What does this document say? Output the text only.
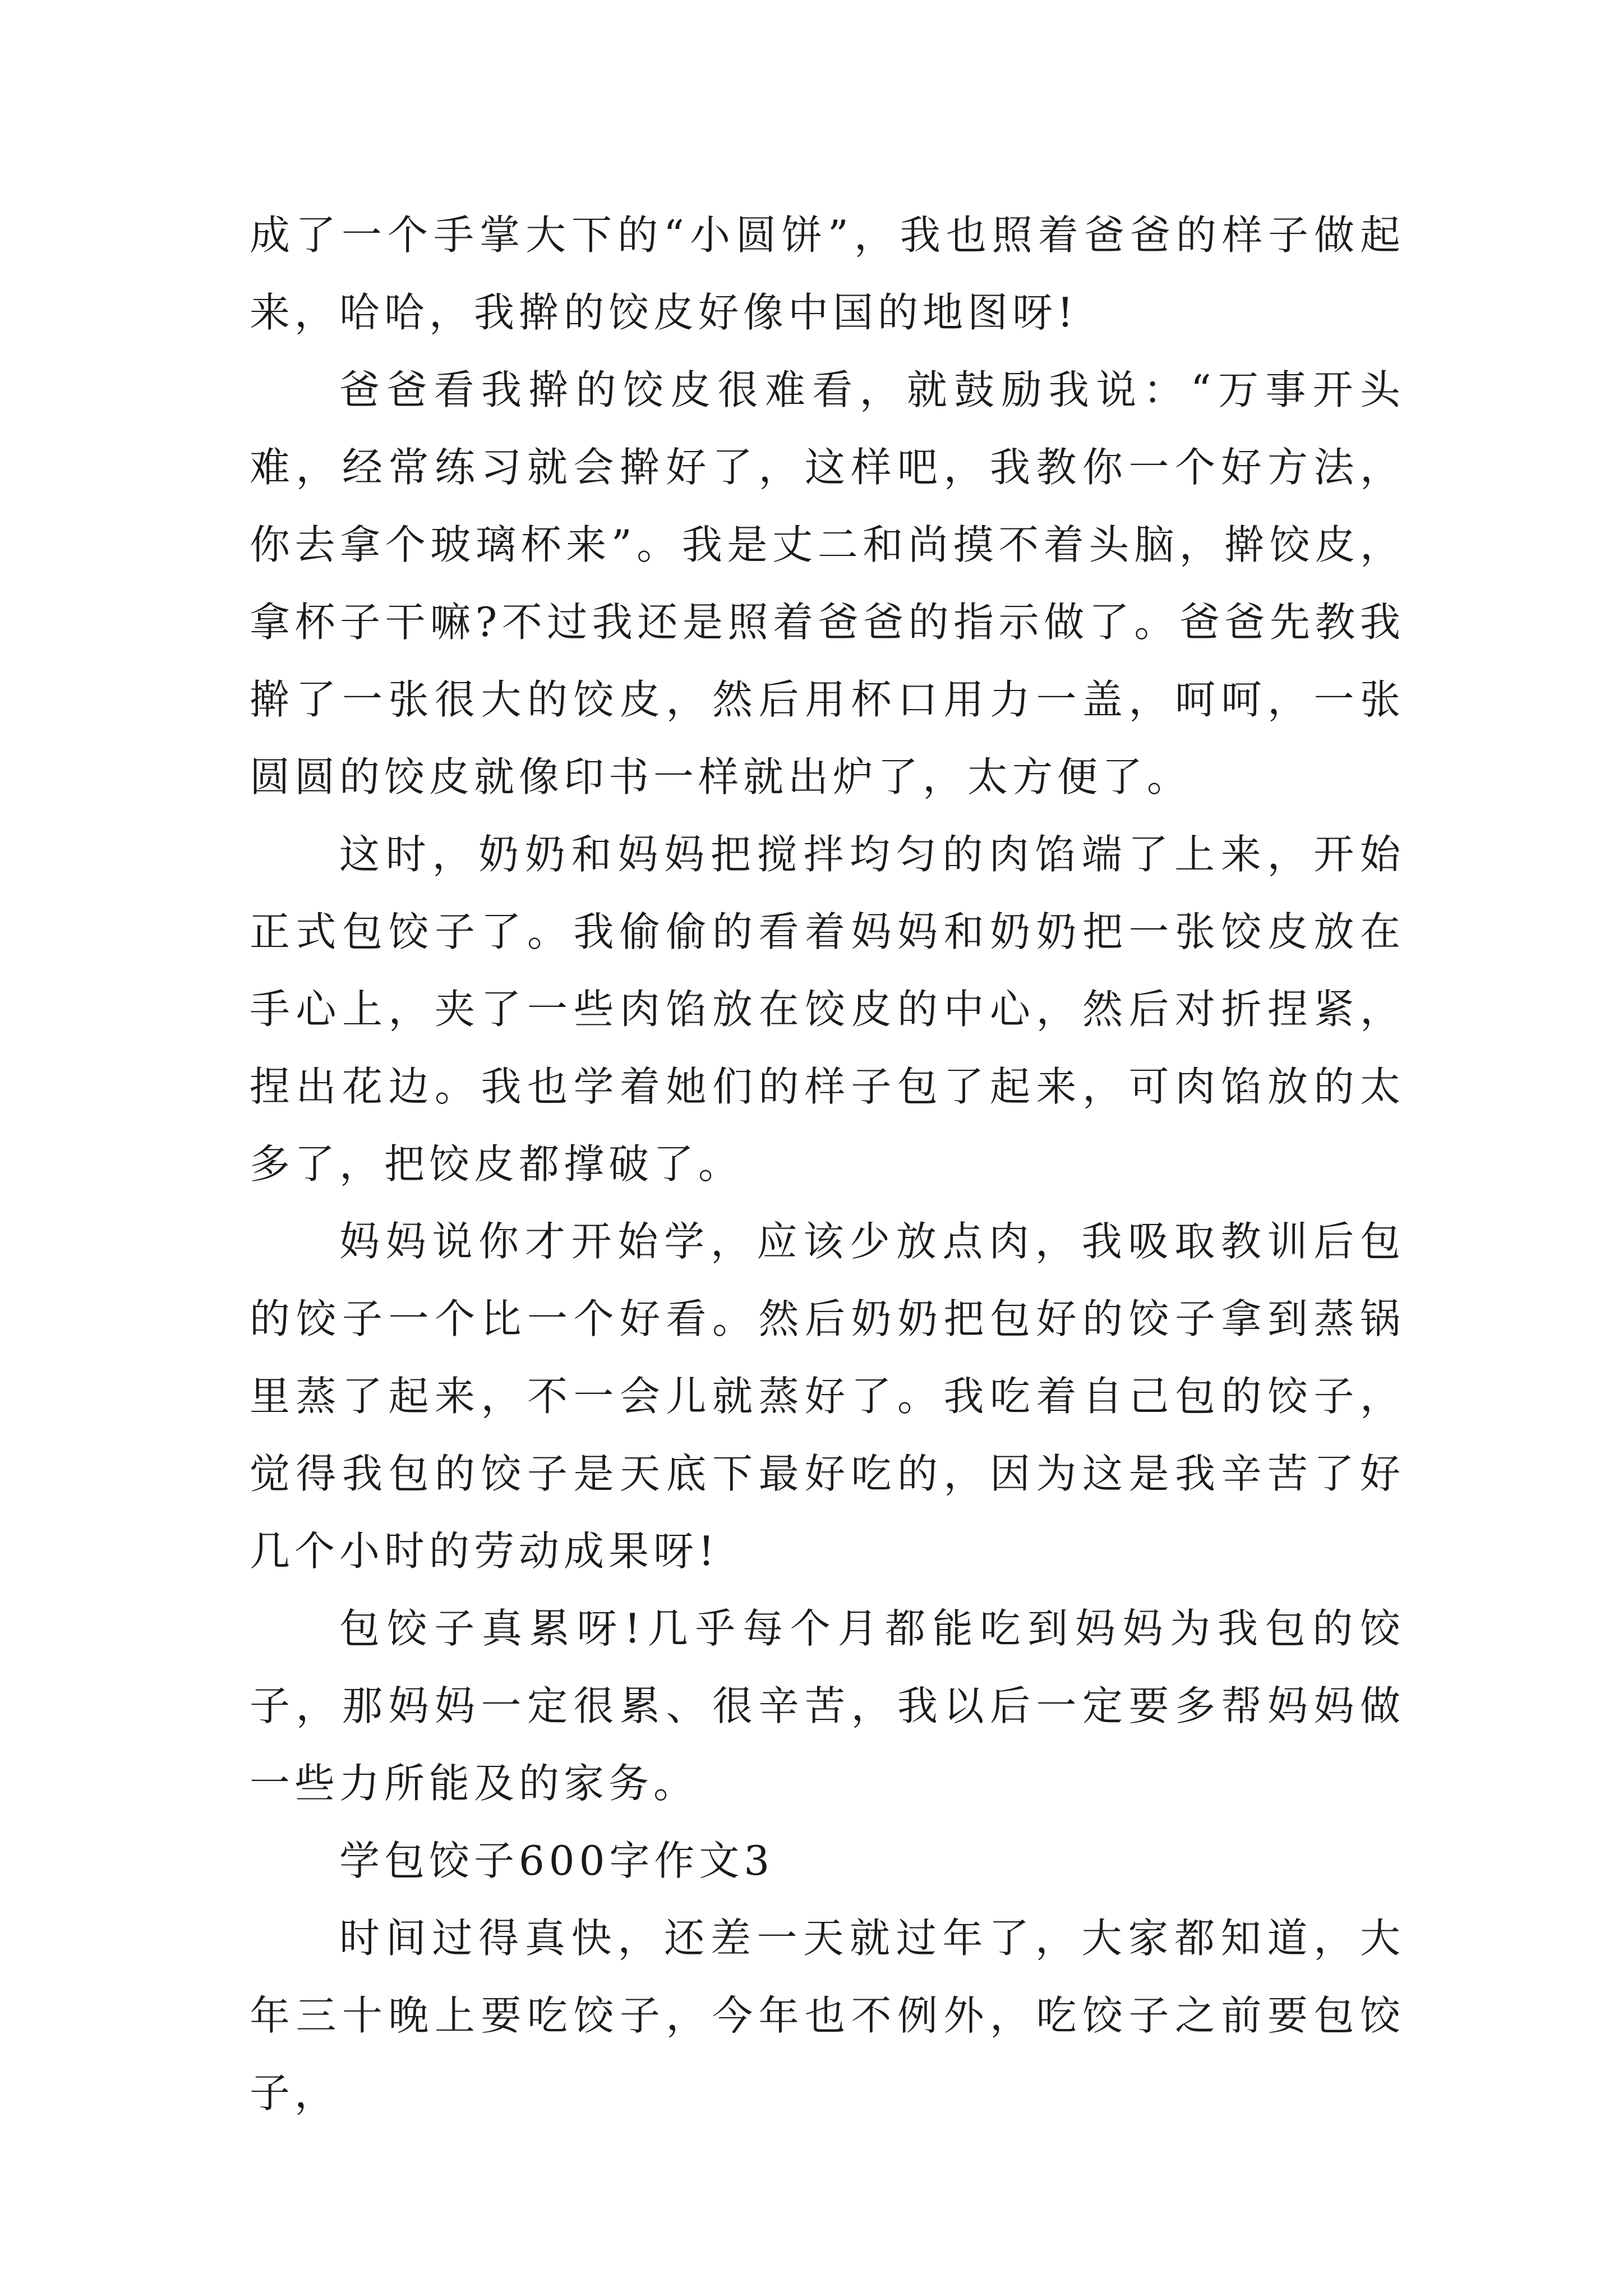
成了一个手掌大下的“小圆饼”，我也照着爸爸的样子做起来，哈哈，我擀的饺皮好像中国的地图呀!

爸爸看我擀的饺皮很难看，就鼓励我说：“万事开头难，经常练习就会擀好了，这样吧，我教你一个好方法，你去拿个玻璃杯来”。我是丈二和尚摸不着头脑，擀饺皮，拿杯子干嘛?不过我还是照着爸爸的指示做了。爸爸先教我擀了一张很大的饺皮，然后用杯口用力一盖，呵呵，一张圆圆的饺皮就像印书一样就出炉了，太方便了。

这时，奶奶和妈妈把搅拌均匀的肉馅端了上来，开始正式包饺子了。我偷偷的看着妈妈和奶奶把一张饺皮放在手心上，夹了一些肉馅放在饺皮的中心，然后对折捏紧，捏出花边。我也学着她们的样子包了起来，可肉馅放的太多了，把饺皮都撑破了。

妈妈说你才开始学，应该少放点肉，我吸取教训后包的饺子一个比一个好看。然后奶奶把包好的饺子拿到蒸锅里蒸了起来，不一会儿就蒸好了。我吃着自己包的饺子，觉得我包的饺子是天底下最好吃的，因为这是我辛苦了好几个小时的劳动成果呀!

包饺子真累呀!几乎每个月都能吃到妈妈为我包的饺子，那妈妈一定很累、很辛苦，我以后一定要多帮妈妈做一些力所能及的家务。

学包饺子600字作文3

时间过得真快，还差一天就过年了，大家都知道，大年三十晚上要吃饺子，今年也不例外，吃饺子之前要包饺子，
